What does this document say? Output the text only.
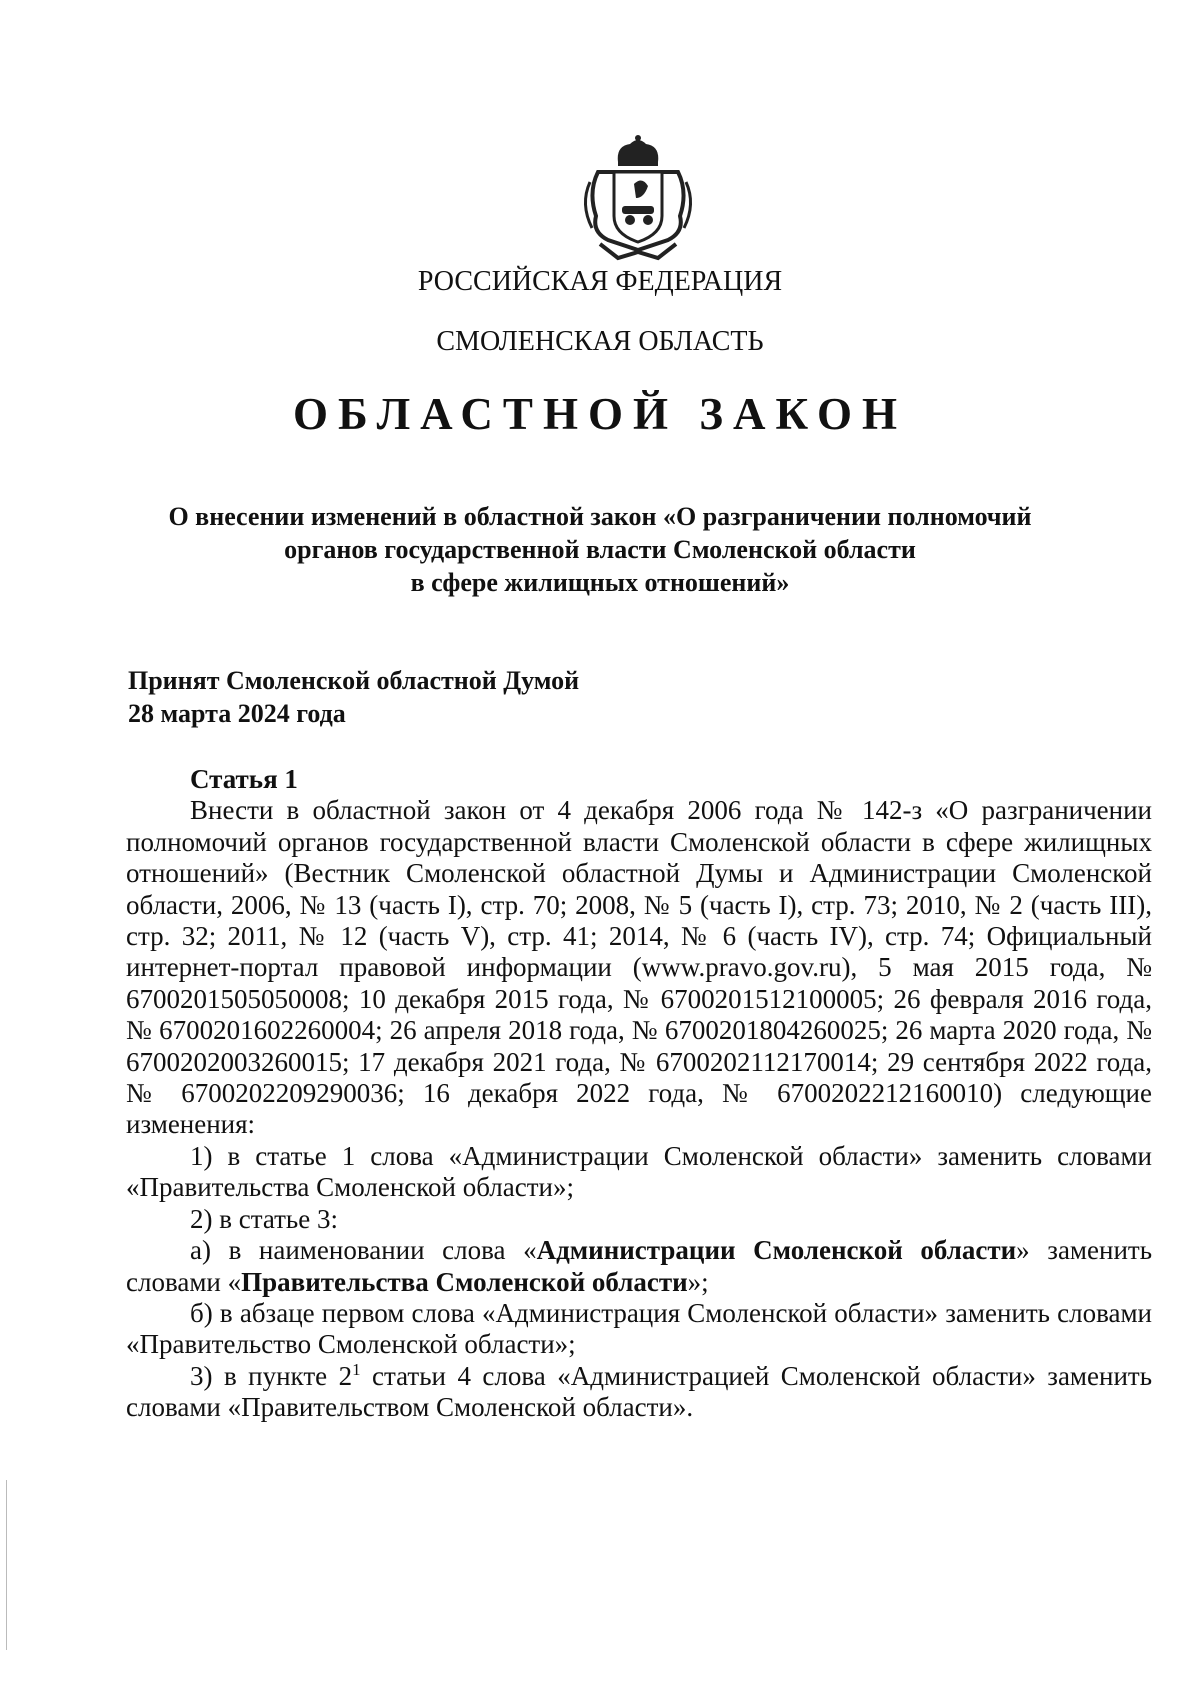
РОССИЙСКАЯ ФЕДЕРАЦИЯ
СМОЛЕНСКАЯ ОБЛАСТЬ
ОБЛАСТНОЙ ЗАКОН
О внесении изменений в областной закон «О разграничении полномочий
органов государственной власти Смоленской области
в сфере жилищных отношений»
Принят Смоленской областной Думой
28 марта 2024 года
Статья 1

Внести в областной закон от 4 декабря 2006 года № 142-з «О разграничении полномочий органов государственной власти Смоленской области в сфере жилищных отношений» (Вестник Смоленской областной Думы и Администрации Смоленской области, 2006, № 13 (часть I), стр. 70; 2008, № 5 (часть I), стр. 73; 2010, № 2 (часть III), стр. 32; 2011, № 12 (часть V), стр. 41; 2014, № 6 (часть IV), стр. 74; Официальный интернет-портал правовой информации (www.pravo.gov.ru), 5 мая 2015 года, № 6700201505050008; 10 декабря 2015 года, № 6700201512100005; 26 февраля 2016 года, № 6700201602260004; 26 апреля 2018 года, № 6700201804260025; 26 марта 2020 года, № 6700202003260015; 17 декабря 2021 года, № 6700202112170014; 29 сентября 2022 года, № 6700202209290036; 16 декабря 2022 года, № 6700202212160010) следующие изменения:

1) в статье 1 слова «Администрации Смоленской области» заменить словами «Правительства Смоленской области»;

2) в статье 3:

а) в наименовании слова «Администрации Смоленской области» заменить словами «Правительства Смоленской области»;

б) в абзаце первом слова «Администрация Смоленской области» заменить словами «Правительство Смоленской области»;

3) в пункте $2^1$ статьи 4 слова «Администрацией Смоленской области» заменить словами «Правительством Смоленской области».
